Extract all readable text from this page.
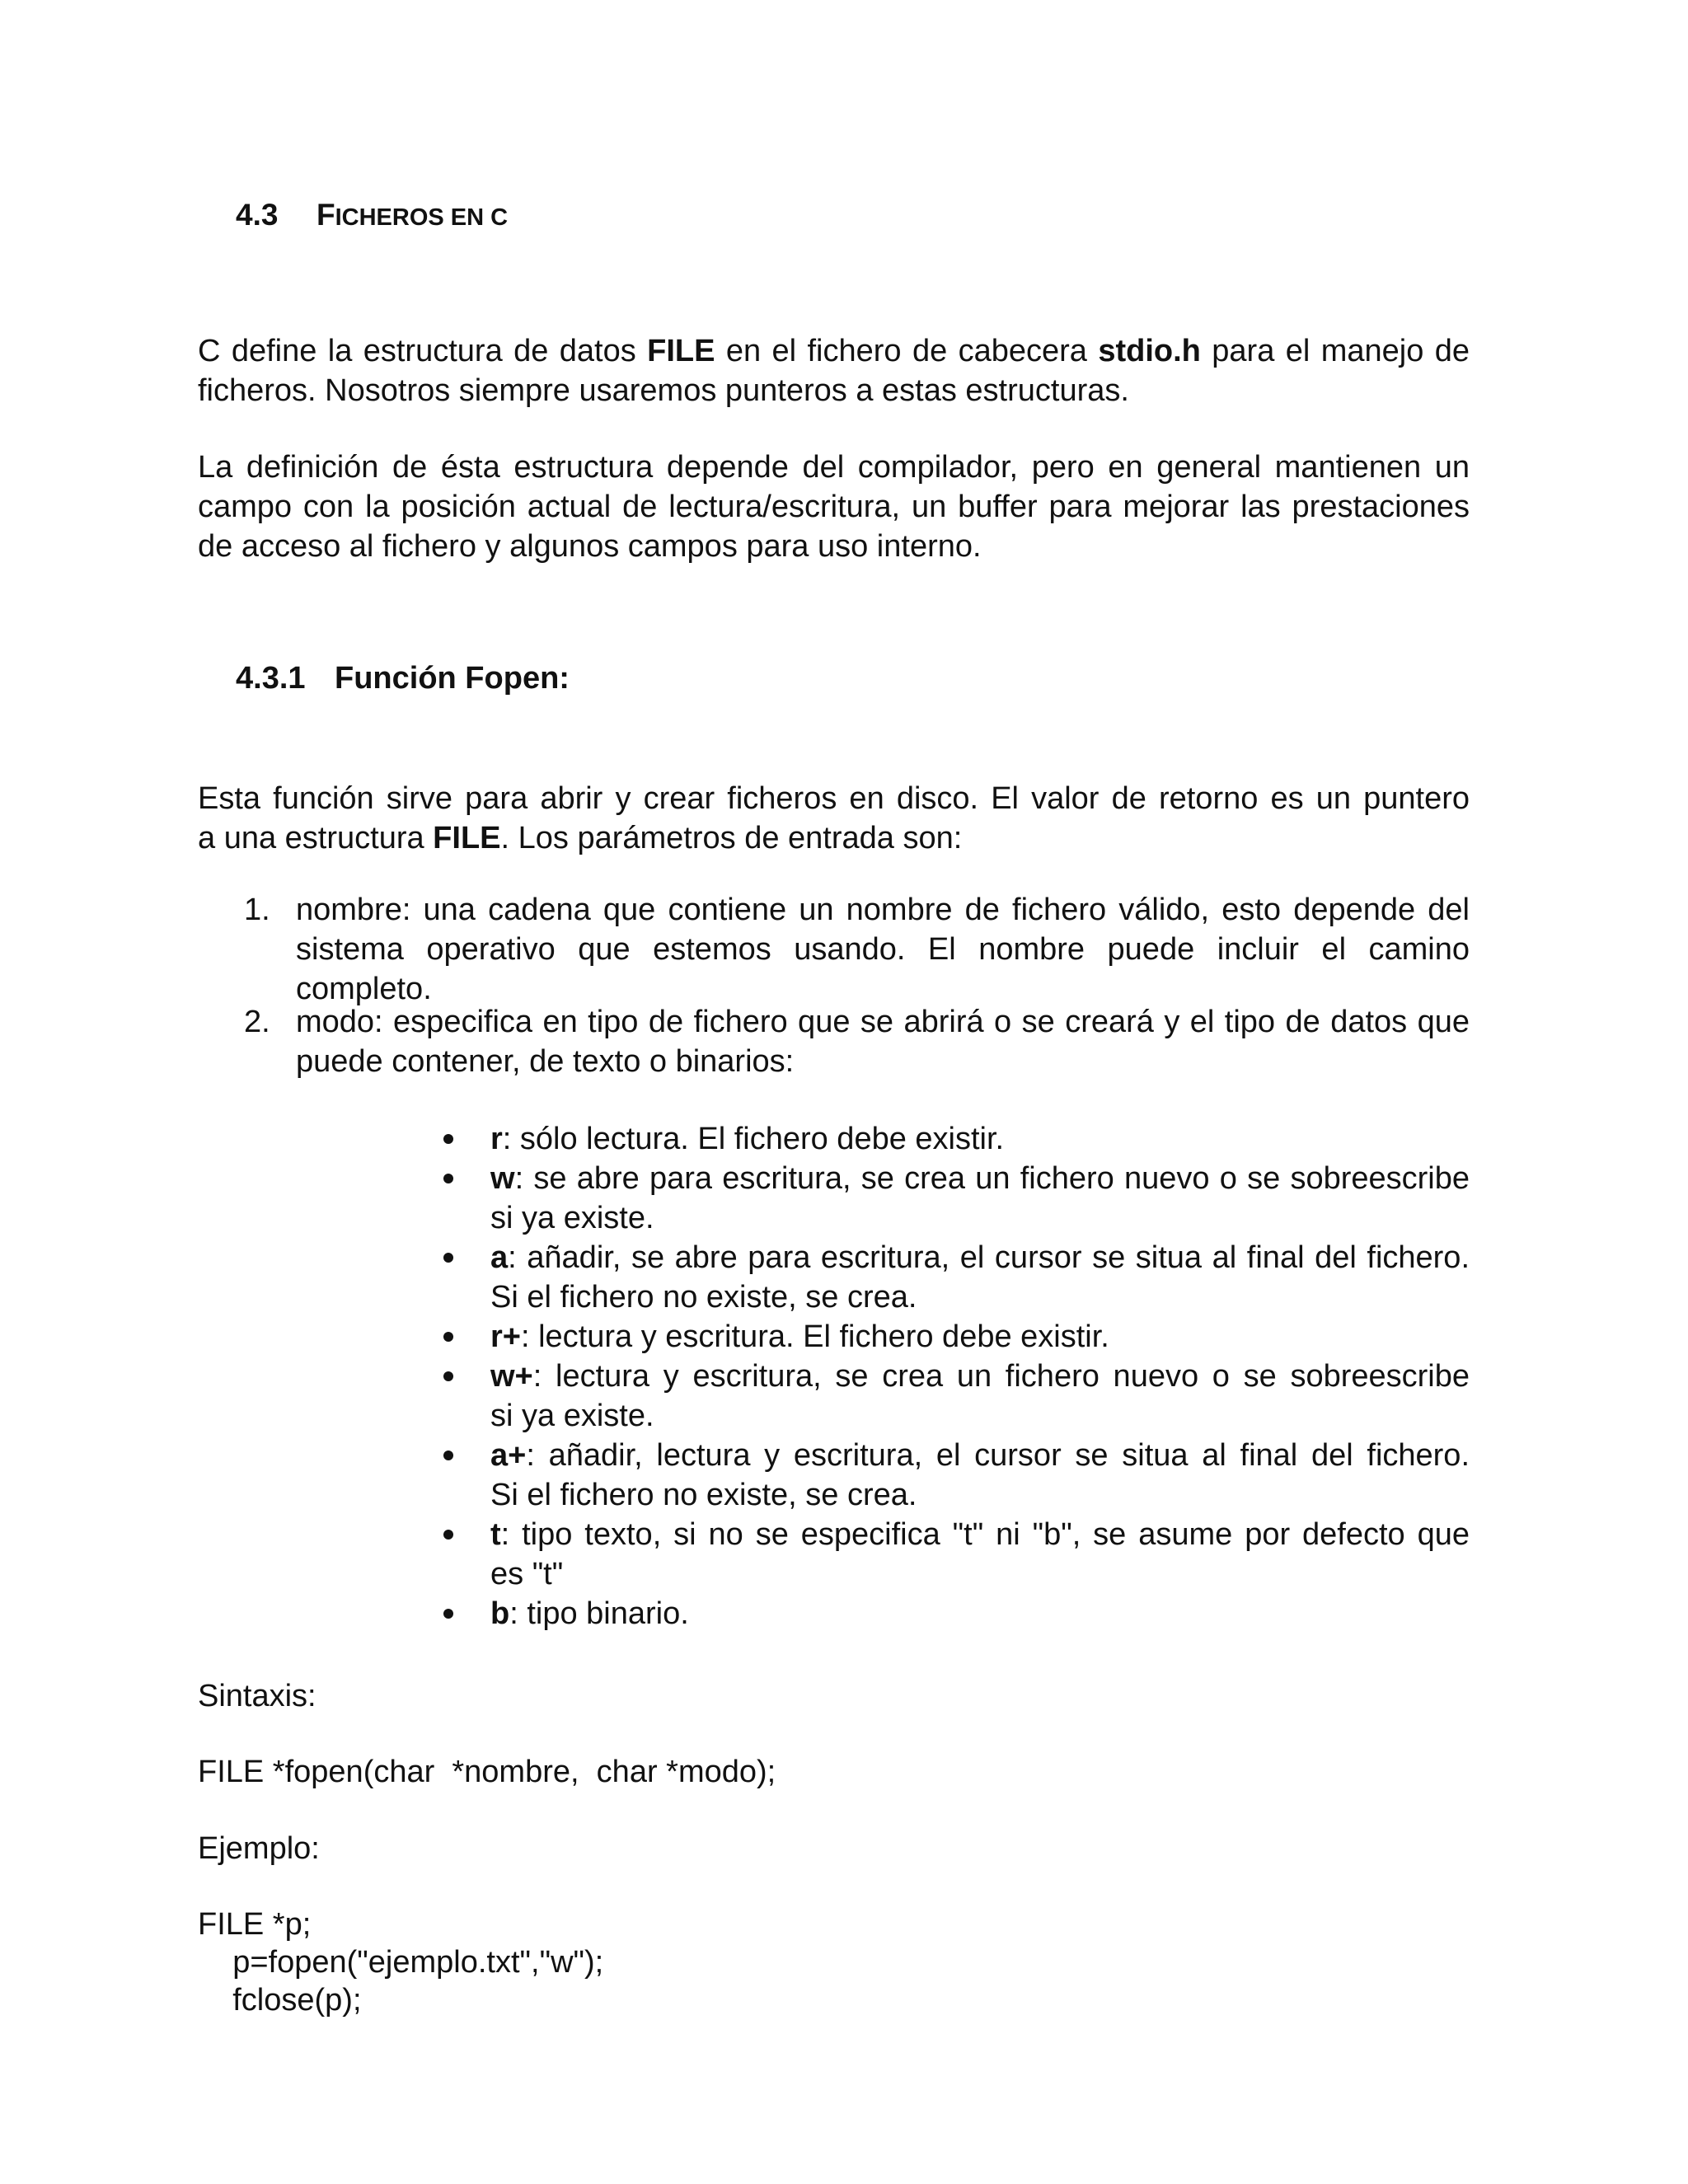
4.3 FICHEROS EN C
C define la estructura de datos FILE en el fichero de cabecera stdio.h para el manejo de
ficheros. Nosotros siempre usaremos punteros a estas estructuras.
La definición de ésta estructura depende del compilador, pero en general mantienen un
campo con la posición actual de lectura/escritura, un buffer para mejorar las prestaciones
de acceso al fichero y algunos campos para uso interno.
4.3.1 Función Fopen:
Esta función sirve para abrir y crear ficheros en disco. El valor de retorno es un puntero
a una estructura FILE. Los parámetros de entrada son:
1. nombre: una cadena que contiene un nombre de fichero válido, esto depende del
sistema operativo que estemos usando. El nombre puede incluir el camino
completo.
2. modo: especifica en tipo de fichero que se abrirá o se creará y el tipo de datos que
puede contener, de texto o binarios:
r: sólo lectura. El fichero debe existir.
w: se abre para escritura, se crea un fichero nuevo o se sobreescribe
si ya existe.
a: añadir, se abre para escritura, el cursor se situa al final del fichero.
Si el fichero no existe, se crea.
r+: lectura y escritura. El fichero debe existir.
w+: lectura y escritura, se crea un fichero nuevo o se sobreescribe
si ya existe.
a+: añadir, lectura y escritura, el cursor se situa al final del fichero.
Si el fichero no existe, se crea.
t: tipo texto, si no se especifica "t" ni "b", se asume por defecto que
es "t"
b: tipo binario.
Sintaxis:
FILE *fopen(char  *nombre,  char *modo);
Ejemplo:
FILE *p;
p=fopen("ejemplo.txt","w");
fclose(p);
